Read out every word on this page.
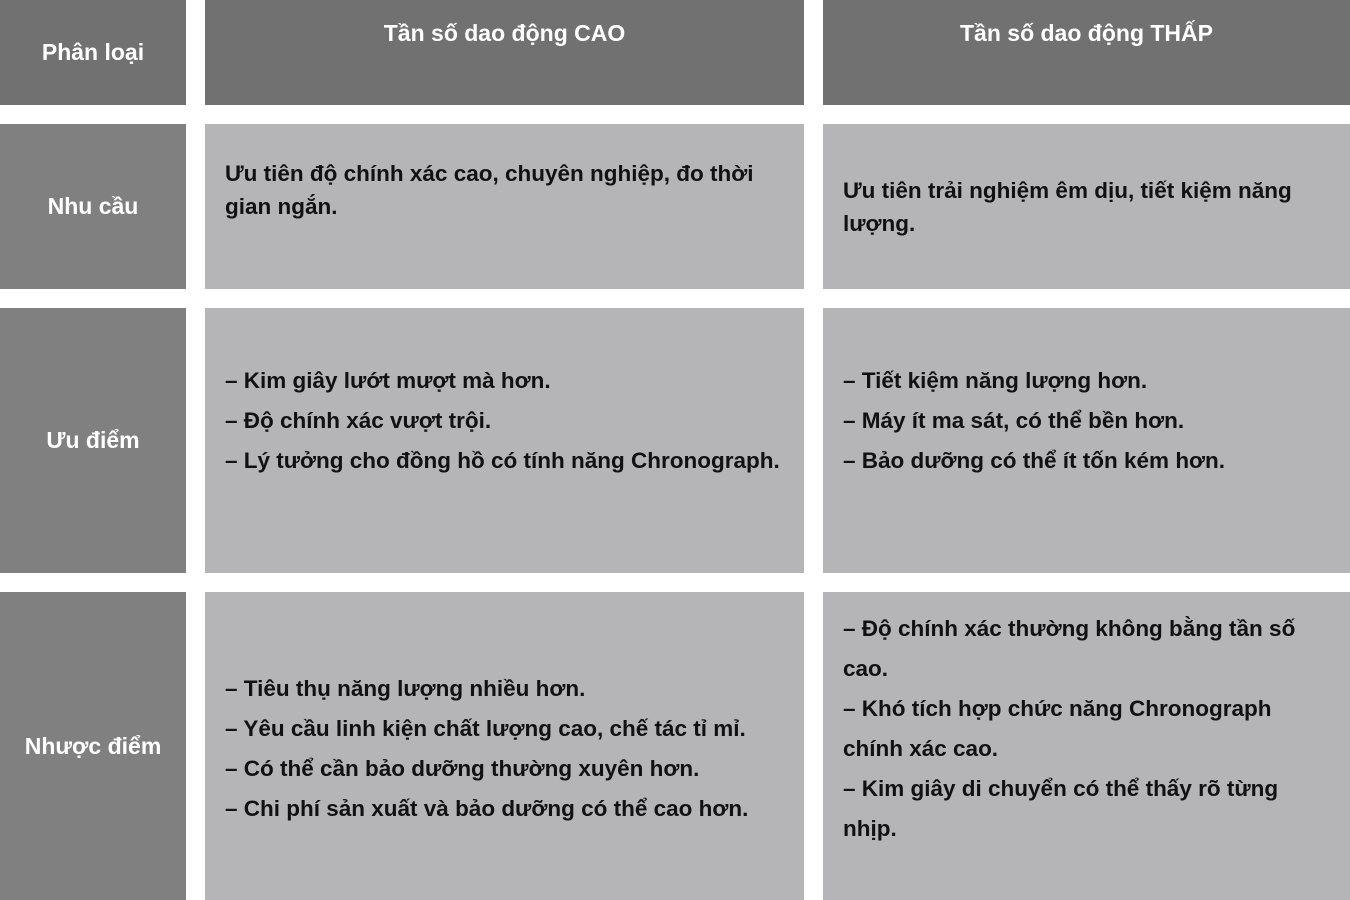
Phân loại
Tần số dao động CAO	Tần số dao động THẤP
Nhu cầu
Ưu tiên độ chính xác cao, chuyên nghiệp, đo thời gian ngắn.
Ưu tiên trải nghiệm êm dịu, tiết kiệm năng lượng.
Ưu điểm
– Kim giây lướt mượt mà hơn.
– Độ chính xác vượt trội.
– Lý tưởng cho đồng hồ có tính năng Chronograph.
– Tiết kiệm năng lượng hơn.
– Máy ít ma sát, có thể bền hơn.
– Bảo dưỡng có thể ít tốn kém hơn.
Nhược điểm
– Tiêu thụ năng lượng nhiều hơn.
– Yêu cầu linh kiện chất lượng cao, chế tác tỉ mỉ.
– Có thể cần bảo dưỡng thường xuyên hơn.
– Chi phí sản xuất và bảo dưỡng có thể cao hơn.
– Độ chính xác thường không bằng tần số cao.
– Khó tích hợp chức năng Chronograph chính xác cao.
– Kim giây di chuyển có thể thấy rõ từng nhịp.
